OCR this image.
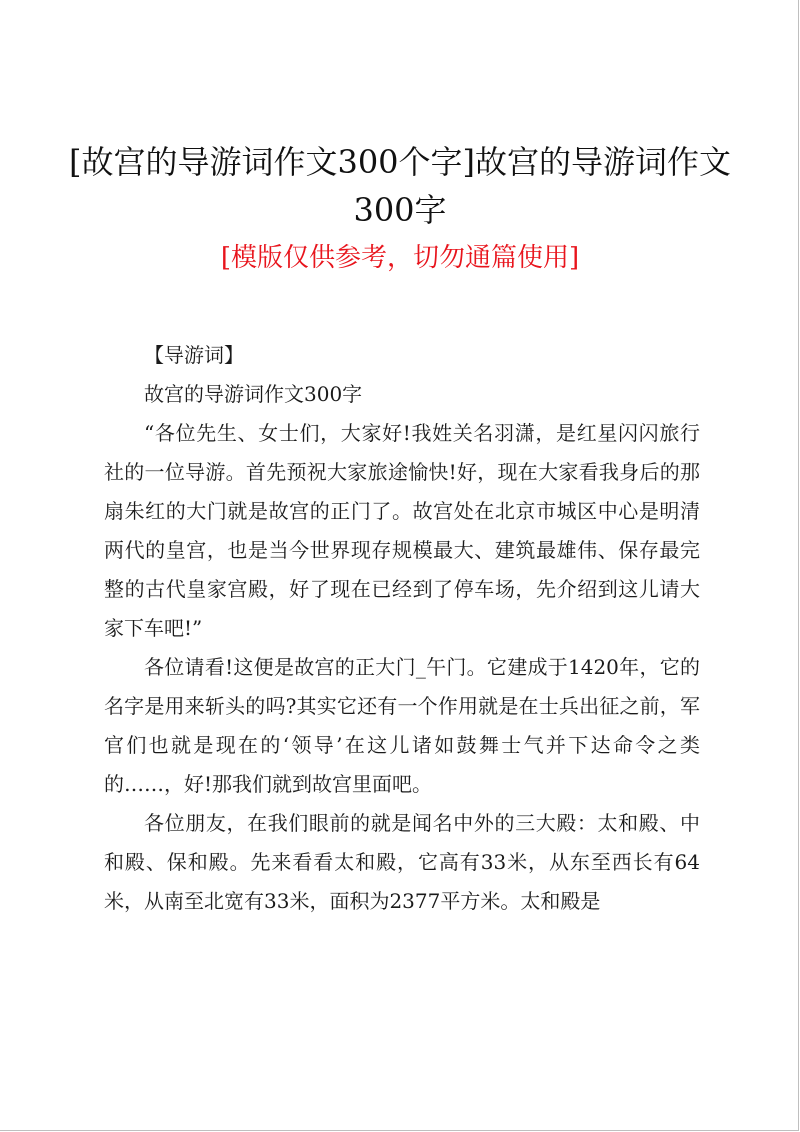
[故宫的导游词作文300个字]故宫的导游词作文300字
[模版仅供参考，切勿通篇使用]

【导游词】

故宫的导游词作文300字

“各位先生、女士们，大家好!我姓关名羽潇，是红星闪闪旅行社的一位导游。首先预祝大家旅途愉快!好，现在大家看我身后的那扇朱红的大门就是故宫的正门了。故宫处在北京市城区中心是明清两代的皇宫，也是当今世界现存规模最大、建筑最雄伟、保存最完整的古代皇家宫殿，好了现在已经到了停车场，先介绍到这儿请大家下车吧!”

各位请看!这便是故宫的正大门_午门。它建成于1420年，它的名字是用来斩头的吗?其实它还有一个作用就是在士兵出征之前，军官们也就是现在的‘领导’在这儿诸如鼓舞士气并下达命令之类的……，好!那我们就到故宫里面吧。

各位朋友，在我们眼前的就是闻名中外的三大殿：太和殿、中和殿、保和殿。先来看看太和殿，它高有33米，从东至西长有64米，从南至北宽有33米，面积为2377平方米。太和殿是
